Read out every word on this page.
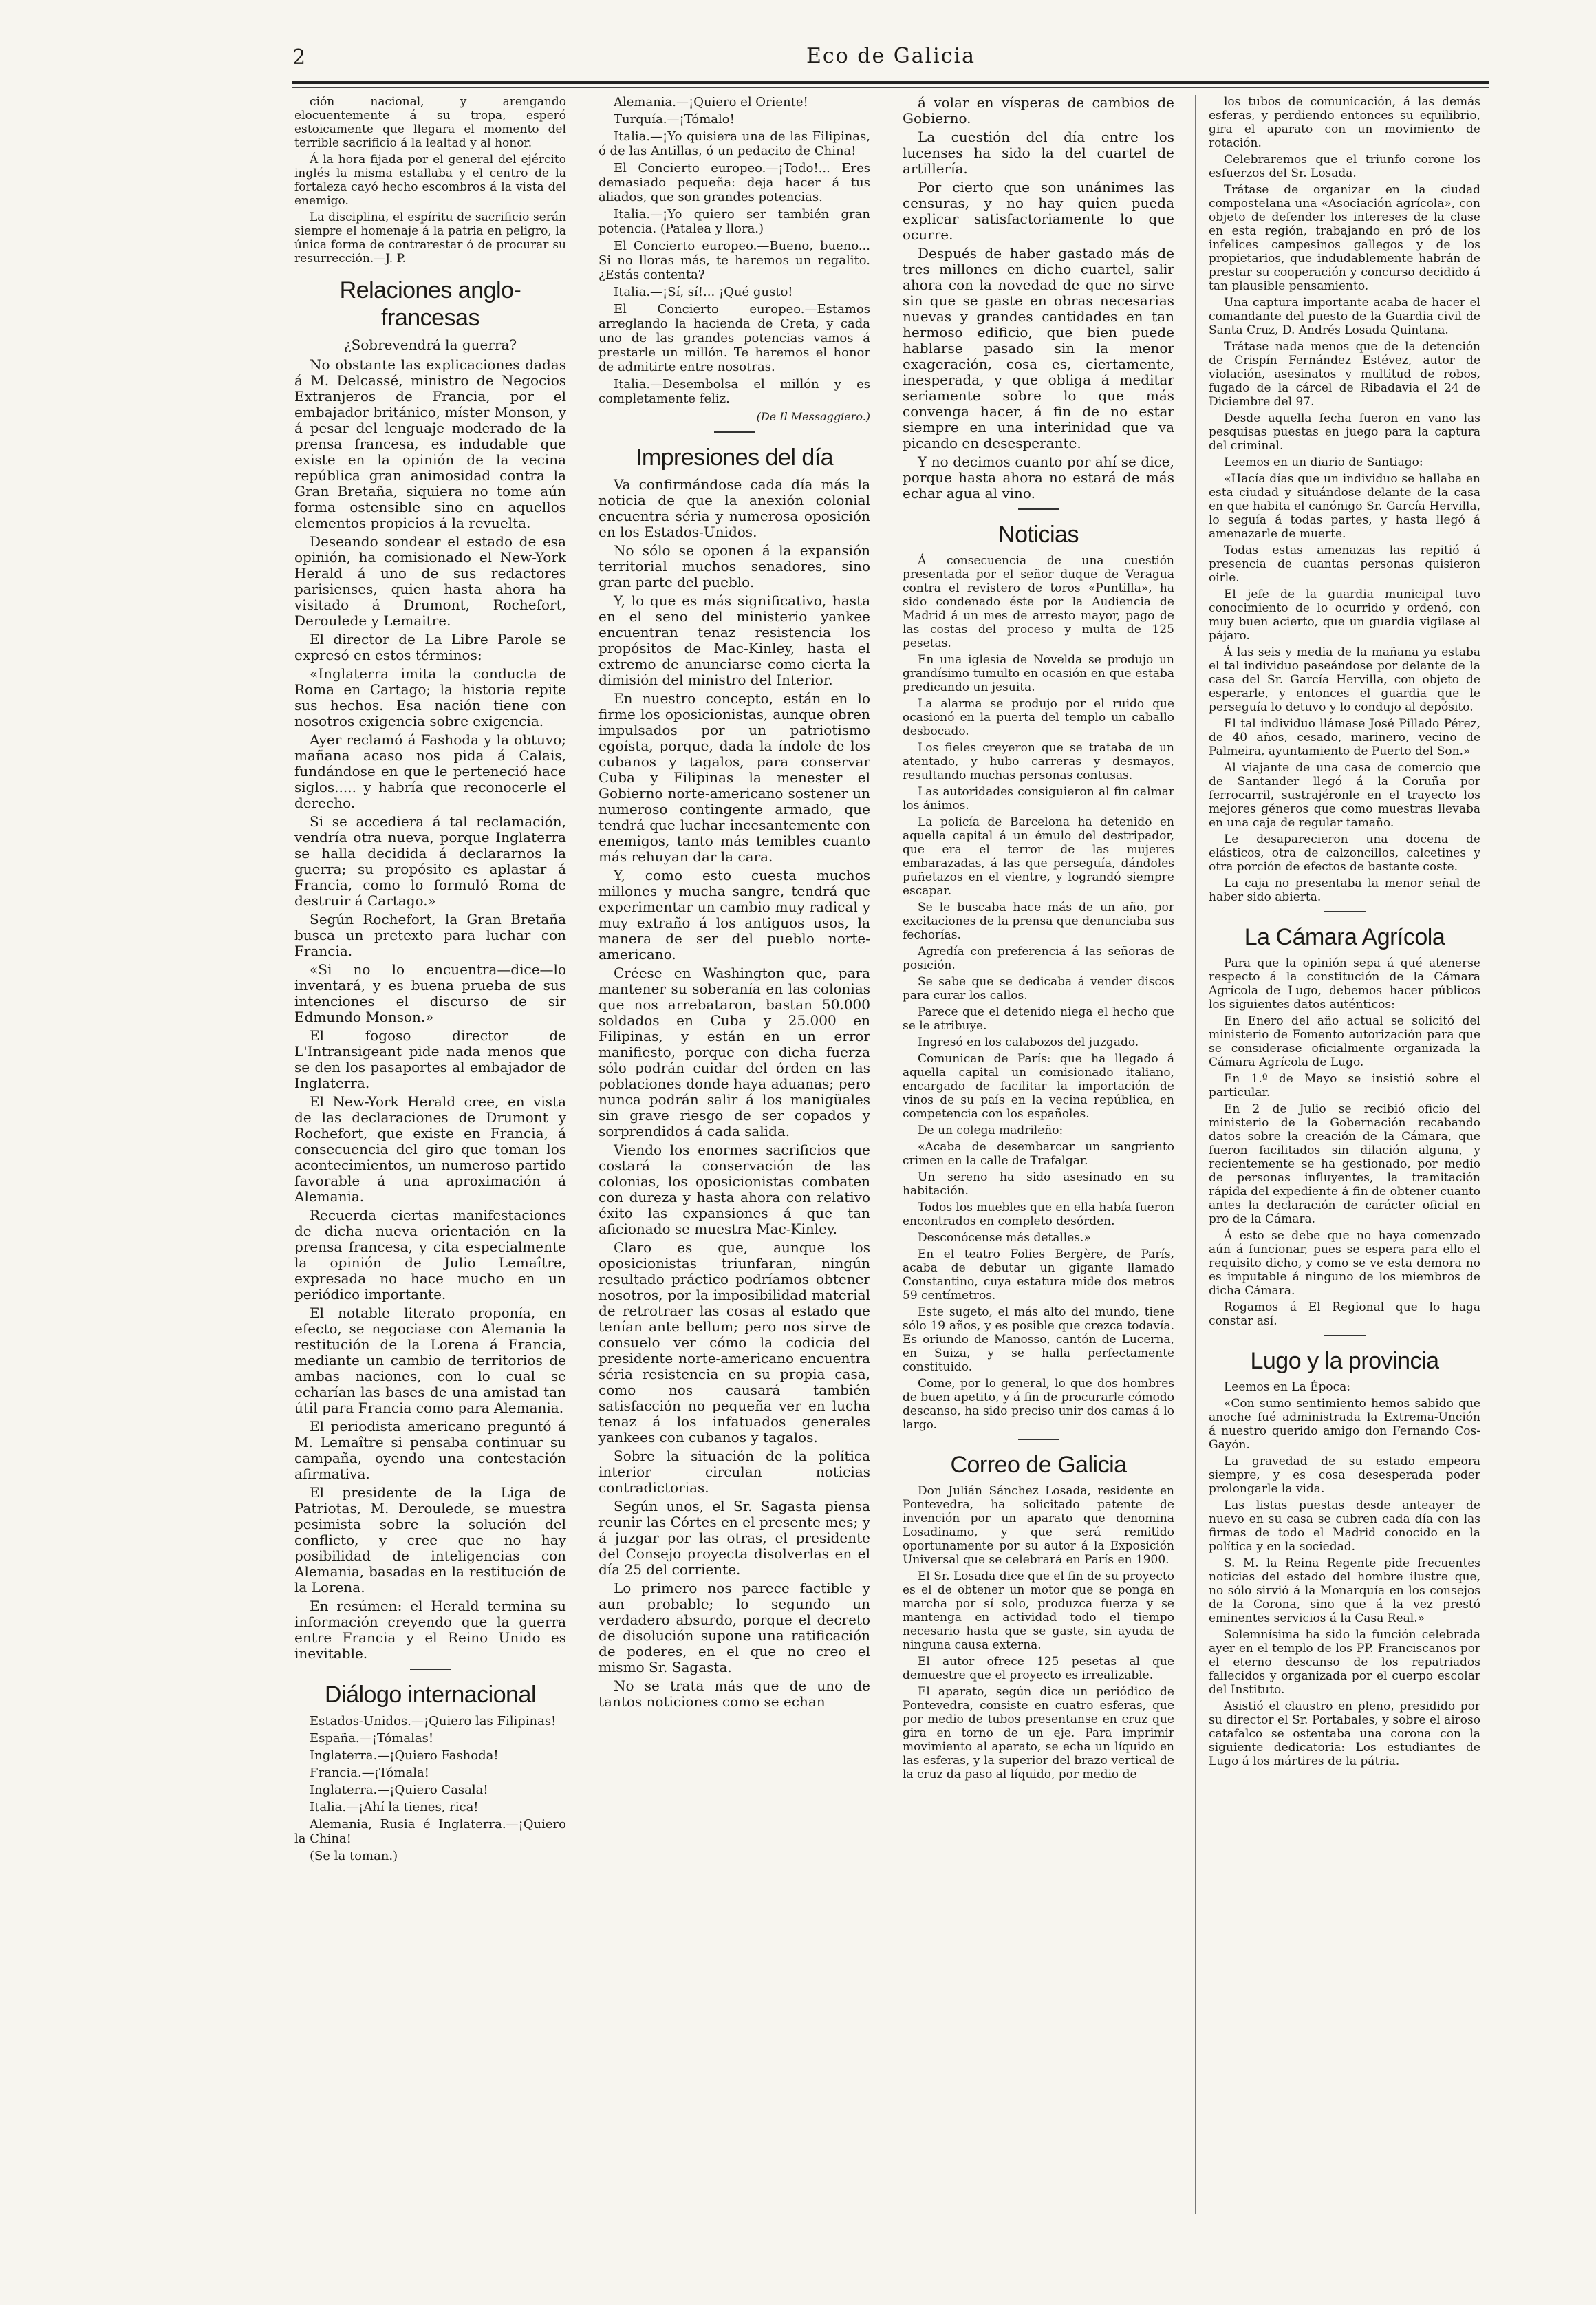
2	Eco de Galicia

ción nacional, y arengando elocuentemente á su tropa, esperó estoicamente que llegara el momento del terrible sacrificio á la lealtad y al honor.

Á la hora fijada por el general del ejército inglés la misma estallaba y el centro de la fortaleza cayó hecho escombros á la vista del enemigo.

La disciplina, el espíritu de sacrificio serán siempre el homenaje á la patria en peligro, la única forma de contrarestar ó de procurar su resurrección.—J. P.

Relaciones anglo-francesas
¿Sobrevendrá la guerra?

No obstante las explicaciones dadas á M. Delcassé, ministro de Negocios Extranjeros de Francia, por el embajador británico, míster Monson, y á pesar del lenguaje moderado de la prensa francesa, es indudable que existe en la opinión de la vecina república gran animosidad contra la Gran Bretaña, siquiera no tome aún forma ostensible sino en aquellos elementos propicios á la revuelta.

Deseando sondear el estado de esa opinión, ha comisionado el New-York Herald á uno de sus redactores parisienses, quien hasta ahora ha visitado á Drumont, Rochefort, Deroulede y Lemaitre.

El director de La Libre Parole se expresó en estos términos:

«Inglaterra imita la conducta de Roma en Cartago; la historia repite sus hechos. Esa nación tiene con nosotros exigencia sobre exigencia.

Ayer reclamó á Fashoda y la obtuvo; mañana acaso nos pida á Calais, fundándose en que le perteneció hace siglos..... y habría que reconocerle el derecho.

Si se accediera á tal reclamación, vendría otra nueva, porque Inglaterra se halla decidida á declararnos la guerra; su propósito es aplastar á Francia, como lo formuló Roma de destruir á Cartago.»

Según Rochefort, la Gran Bretaña busca un pretexto para luchar con Francia.

«Si no lo encuentra—dice—lo inventará, y es buena prueba de sus intenciones el discurso de sir Edmundo Monson.»

El fogoso director de L'Intransigeant pide nada menos que se den los pasaportes al embajador de Inglaterra.

El New-York Herald cree, en vista de las declaraciones de Drumont y Rochefort, que existe en Francia, á consecuencia del giro que toman los acontecimientos, un numeroso partido favorable á una aproximación á Alemania.

Recuerda ciertas manifestaciones de dicha nueva orientación en la prensa francesa, y cita especialmente la opinión de Julio Lemaître, expresada no hace mucho en un periódico importante.

El notable literato proponía, en efecto, se negociase con Alemania la restitución de la Lorena á Francia, mediante un cambio de territorios de ambas naciones, con lo cual se echarían las bases de una amistad tan útil para Francia como para Alemania.

El periodista americano preguntó á M. Lemaître si pensaba continuar su campaña, oyendo una contestación afirmativa.

El presidente de la Liga de Patriotas, M. Deroulede, se muestra pesimista sobre la solución del conflicto, y cree que no hay posibilidad de inteligencias con Alemania, basadas en la restitución de la Lorena.

En resúmen: el Herald termina su información creyendo que la guerra entre Francia y el Reino Unido es inevitable.

Diálogo internacional

Estados-Unidos.—¡Quiero las Filipinas!

España.—¡Tómalas!

Inglaterra.—¡Quiero Fashoda!

Francia.—¡Tómala!

Inglaterra.—¡Quiero Casala!

Italia.—¡Ahí la tienes, rica!

Alemania, Rusia é Inglaterra.—¡Quiero la China!

(Se la toman.)

Alemania.—¡Quiero el Oriente!

Turquía.—¡Tómalo!

Italia.—¡Yo quisiera una de las Filipinas, ó de las Antillas, ó un pedacito de China!

El Concierto europeo.—¡Todo!... Eres demasiado pequeña: deja hacer á tus aliados, que son grandes potencias.

Italia.—¡Yo quiero ser también gran potencia. (Patalea y llora.)

El Concierto europeo.—Bueno, bueno... Si no lloras más, te haremos un regalito. ¿Estás contenta?

Italia.—¡Sí, sí!... ¡Qué gusto!

El Concierto europeo.—Estamos arreglando la hacienda de Creta, y cada uno de las grandes potencias vamos á prestarle un millón. Te haremos el honor de admitirte entre nosotras.

Italia.—Desembolsa el millón y es completamente feliz.

(De Il Messaggiero.)
Impresiones del día

Va confirmándose cada día más la noticia de que la anexión colonial encuentra séria y numerosa oposición en los Estados-Unidos.

No sólo se oponen á la expansión territorial muchos senadores, sino gran parte del pueblo.

Y, lo que es más significativo, hasta en el seno del ministerio yankee encuentran tenaz resistencia los propósitos de Mac-Kinley, hasta el extremo de anunciarse como cierta la dimisión del ministro del Interior.

En nuestro concepto, están en lo firme los oposicionistas, aunque obren impulsados por un patriotismo egoísta, porque, dada la índole de los cubanos y tagalos, para conservar Cuba y Filipinas la menester el Gobierno norte-americano sostener un numeroso contingente armado, que tendrá que luchar incesantemente con enemigos, tanto más temibles cuanto más rehuyan dar la cara.

Y, como esto cuesta muchos millones y mucha sangre, tendrá que experimentar un cambio muy radical y muy extraño á los antiguos usos, la manera de ser del pueblo norte-americano.

Créese en Washington que, para mantener su soberanía en las colonias que nos arrebataron, bastan 50.000 soldados en Cuba y 25.000 en Filipinas, y están en un error manifiesto, porque con dicha fuerza sólo podrán cuidar del órden en las poblaciones donde haya aduanas; pero nunca podrán salir á los manigüales sin grave riesgo de ser copados y sorprendidos á cada salida.

Viendo los enormes sacrificios que costará la conservación de las colonias, los oposicionistas combaten con dureza y hasta ahora con relativo éxito las expansiones á que tan aficionado se muestra Mac-Kinley.

Claro es que, aunque los oposicionistas triunfaran, ningún resultado práctico podríamos obtener nosotros, por la imposibilidad material de retrotraer las cosas al estado que tenían ante bellum; pero nos sirve de consuelo ver cómo la codicia del presidente norte-americano encuentra séria resistencia en su propia casa, como nos causará también satisfacción no pequeña ver en lucha tenaz á los infatuados generales yankees con cubanos y tagalos.

Sobre la situación de la política interior circulan noticias contradictorias.

Según unos, el Sr. Sagasta piensa reunir las Córtes en el presente mes; y á juzgar por las otras, el presidente del Consejo proyecta disolverlas en el día 25 del corriente.

Lo primero nos parece factible y aun probable; lo segundo un verdadero absurdo, porque el decreto de disolución supone una ratificación de poderes, en el que no creo el mismo Sr. Sagasta.

No se trata más que de uno de tantos noticiones como se echan

á volar en vísperas de cambios de Gobierno.

La cuestión del día entre los lucenses ha sido la del cuartel de artillería.

Por cierto que son unánimes las censuras, y no hay quien pueda explicar satisfactoriamente lo que ocurre.

Después de haber gastado más de tres millones en dicho cuartel, salir ahora con la novedad de que no sirve sin que se gaste en obras necesarias nuevas y grandes cantidades en tan hermoso edificio, que bien puede hablarse pasado sin la menor exageración, cosa es, ciertamente, inesperada, y que obliga á meditar seriamente sobre lo que más convenga hacer, á fin de no estar siempre en una interinidad que va picando en desesperante.

Y no decimos cuanto por ahí se dice, porque hasta ahora no estará de más echar agua al vino.

Noticias

Á consecuencia de una cuestión presentada por el señor duque de Veragua contra el revistero de toros «Puntilla», ha sido condenado éste por la Audiencia de Madrid á un mes de arresto mayor, pago de las costas del proceso y multa de 125 pesetas.

En una iglesia de Novelda se produjo un grandísimo tumulto en ocasión en que estaba predicando un jesuita.

La alarma se produjo por el ruido que ocasionó en la puerta del templo un caballo desbocado.

Los fieles creyeron que se trataba de un atentado, y hubo carreras y desmayos, resultando muchas personas contusas.

Las autoridades consiguieron al fin calmar los ánimos.

La policía de Barcelona ha detenido en aquella capital á un émulo del destripador, que era el terror de las mujeres embarazadas, á las que perseguía, dándoles puñetazos en el vientre, y lograndó siempre escapar.

Se le buscaba hace más de un año, por excitaciones de la prensa que denunciaba sus fechorías.

Agredía con preferencia á las señoras de posición.

Se sabe que se dedicaba á vender discos para curar los callos.

Parece que el detenido niega el hecho que se le atribuye.

Ingresó en los calabozos del juzgado.

Comunican de París: que ha llegado á aquella capital un comisionado italiano, encargado de facilitar la importación de vinos de su país en la vecina república, en competencia con los españoles.

De un colega madrileño:

«Acaba de desembarcar un sangriento crimen en la calle de Trafalgar.

Un sereno ha sido asesinado en su habitación.

Todos los muebles que en ella había fueron encontrados en completo desórden.

Desconócense más detalles.»

En el teatro Folies Bergère, de París, acaba de debutar un gigante llamado Constantino, cuya estatura mide dos metros 59 centímetros.

Este sugeto, el más alto del mundo, tiene sólo 19 años, y es posible que crezca todavía. Es oriundo de Manosso, cantón de Lucerna, en Suiza, y se halla perfectamente constituido.

Come, por lo general, lo que dos hombres de buen apetito, y á fin de procurarle cómodo descanso, ha sido preciso unir dos camas á lo largo.

Correo de Galicia

Don Julián Sánchez Losada, residente en Pontevedra, ha solicitado patente de invención por un aparato que denomina Losadinamo, y que será remitido oportunamente por su autor á la Exposición Universal que se celebrará en París en 1900.

El Sr. Losada dice que el fin de su proyecto es el de obtener un motor que se ponga en marcha por sí solo, produzca fuerza y se mantenga en actividad todo el tiempo necesario hasta que se gaste, sin ayuda de ninguna causa externa.

El autor ofrece 125 pesetas al que demuestre que el proyecto es irrealizable.

El aparato, según dice un periódico de Pontevedra, consiste en cuatro esferas, que por medio de tubos presentanse en cruz que gira en torno de un eje. Para imprimir movimiento al aparato, se echa un líquido en las esferas, y la superior del brazo vertical de la cruz da paso al líquido, por medio de

los tubos de comunicación, á las demás esferas, y perdiendo entonces su equilibrio, gira el aparato con un movimiento de rotación.

Celebraremos que el triunfo corone los esfuerzos del Sr. Losada.

Trátase de organizar en la ciudad compostelana una «Asociación agrícola», con objeto de defender los intereses de la clase en esta región, trabajando en pró de los infelices campesinos gallegos y de los propietarios, que indudablemente habrán de prestar su cooperación y concurso decidido á tan plausible pensamiento.

Una captura importante acaba de hacer el comandante del puesto de la Guardia civil de Santa Cruz, D. Andrés Losada Quintana.

Trátase nada menos que de la detención de Crispín Fernández Estévez, autor de violación, asesinatos y multitud de robos, fugado de la cárcel de Ribadavia el 24 de Diciembre del 97.

Desde aquella fecha fueron en vano las pesquisas puestas en juego para la captura del criminal.

Leemos en un diario de Santiago:

«Hacía días que un individuo se hallaba en esta ciudad y situándose delante de la casa en que habita el canónigo Sr. García Hervilla, lo seguía á todas partes, y hasta llegó á amenazarle de muerte.

Todas estas amenazas las repitió á presencia de cuantas personas quisieron oirle.

El jefe de la guardia municipal tuvo conocimiento de lo ocurrido y ordenó, con muy buen acierto, que un guardia vigilase al pájaro.

Á las seis y media de la mañana ya estaba el tal individuo paseándose por delante de la casa del Sr. García Hervilla, con objeto de esperarle, y entonces el guardia que le perseguía lo detuvo y lo condujo al depósito.

El tal individuo llámase José Pillado Pérez, de 40 años, cesado, marinero, vecino de Palmeira, ayuntamiento de Puerto del Son.»

Al viajante de una casa de comercio que de Santander llegó á la Coruña por ferrocarril, sustrajéronle en el trayecto los mejores géneros que como muestras llevaba en una caja de regular tamaño.

Le desaparecieron una docena de elásticos, otra de calzoncillos, calcetines y otra porción de efectos de bastante coste.

La caja no presentaba la menor señal de haber sido abierta.

La Cámara Agrícola

Para que la opinión sepa á qué atenerse respecto á la constitución de la Cámara Agrícola de Lugo, debemos hacer públicos los siguientes datos auténticos:

En Enero del año actual se solicitó del ministerio de Fomento autorización para que se considerase oficialmente organizada la Cámara Agrícola de Lugo.

En 1.º de Mayo se insistió sobre el particular.

En 2 de Julio se recibió oficio del ministerio de la Gobernación recabando datos sobre la creación de la Cámara, que fueron facilitados sin dilación alguna, y recientemente se ha gestionado, por medio de personas influyentes, la tramitación rápida del expediente á fin de obtener cuanto antes la declaración de carácter oficial en pro de la Cámara.

Á esto se debe que no haya comenzado aún á funcionar, pues se espera para ello el requisito dicho, y como se ve esta demora no es imputable á ninguno de los miembros de dicha Cámara.

Rogamos á El Regional que lo haga constar así.

Lugo y la provincia

Leemos en La Época:

«Con sumo sentimiento hemos sabido que anoche fué administrada la Extrema-Unción á nuestro querido amigo don Fernando Cos-Gayón.

La gravedad de su estado empeora siempre, y es cosa desesperada poder prolongarle la vida.

Las listas puestas desde anteayer de nuevo en su casa se cubren cada día con las firmas de todo el Madrid conocido en la política y en la sociedad.

S. M. la Reina Regente pide frecuentes noticias del estado del hombre ilustre que, no sólo sirvió á la Monarquía en los consejos de la Corona, sino que á la vez prestó eminentes servicios á la Casa Real.»

Solemnísima ha sido la función celebrada ayer en el templo de los PP. Franciscanos por el eterno descanso de los repatriados fallecidos y organizada por el cuerpo escolar del Instituto.

Asistió el claustro en pleno, presidido por su director el Sr. Portabales, y sobre el airoso catafalco se ostentaba una corona con la siguiente dedicatoria: Los estudiantes de Lugo á los mártires de la pátria.
